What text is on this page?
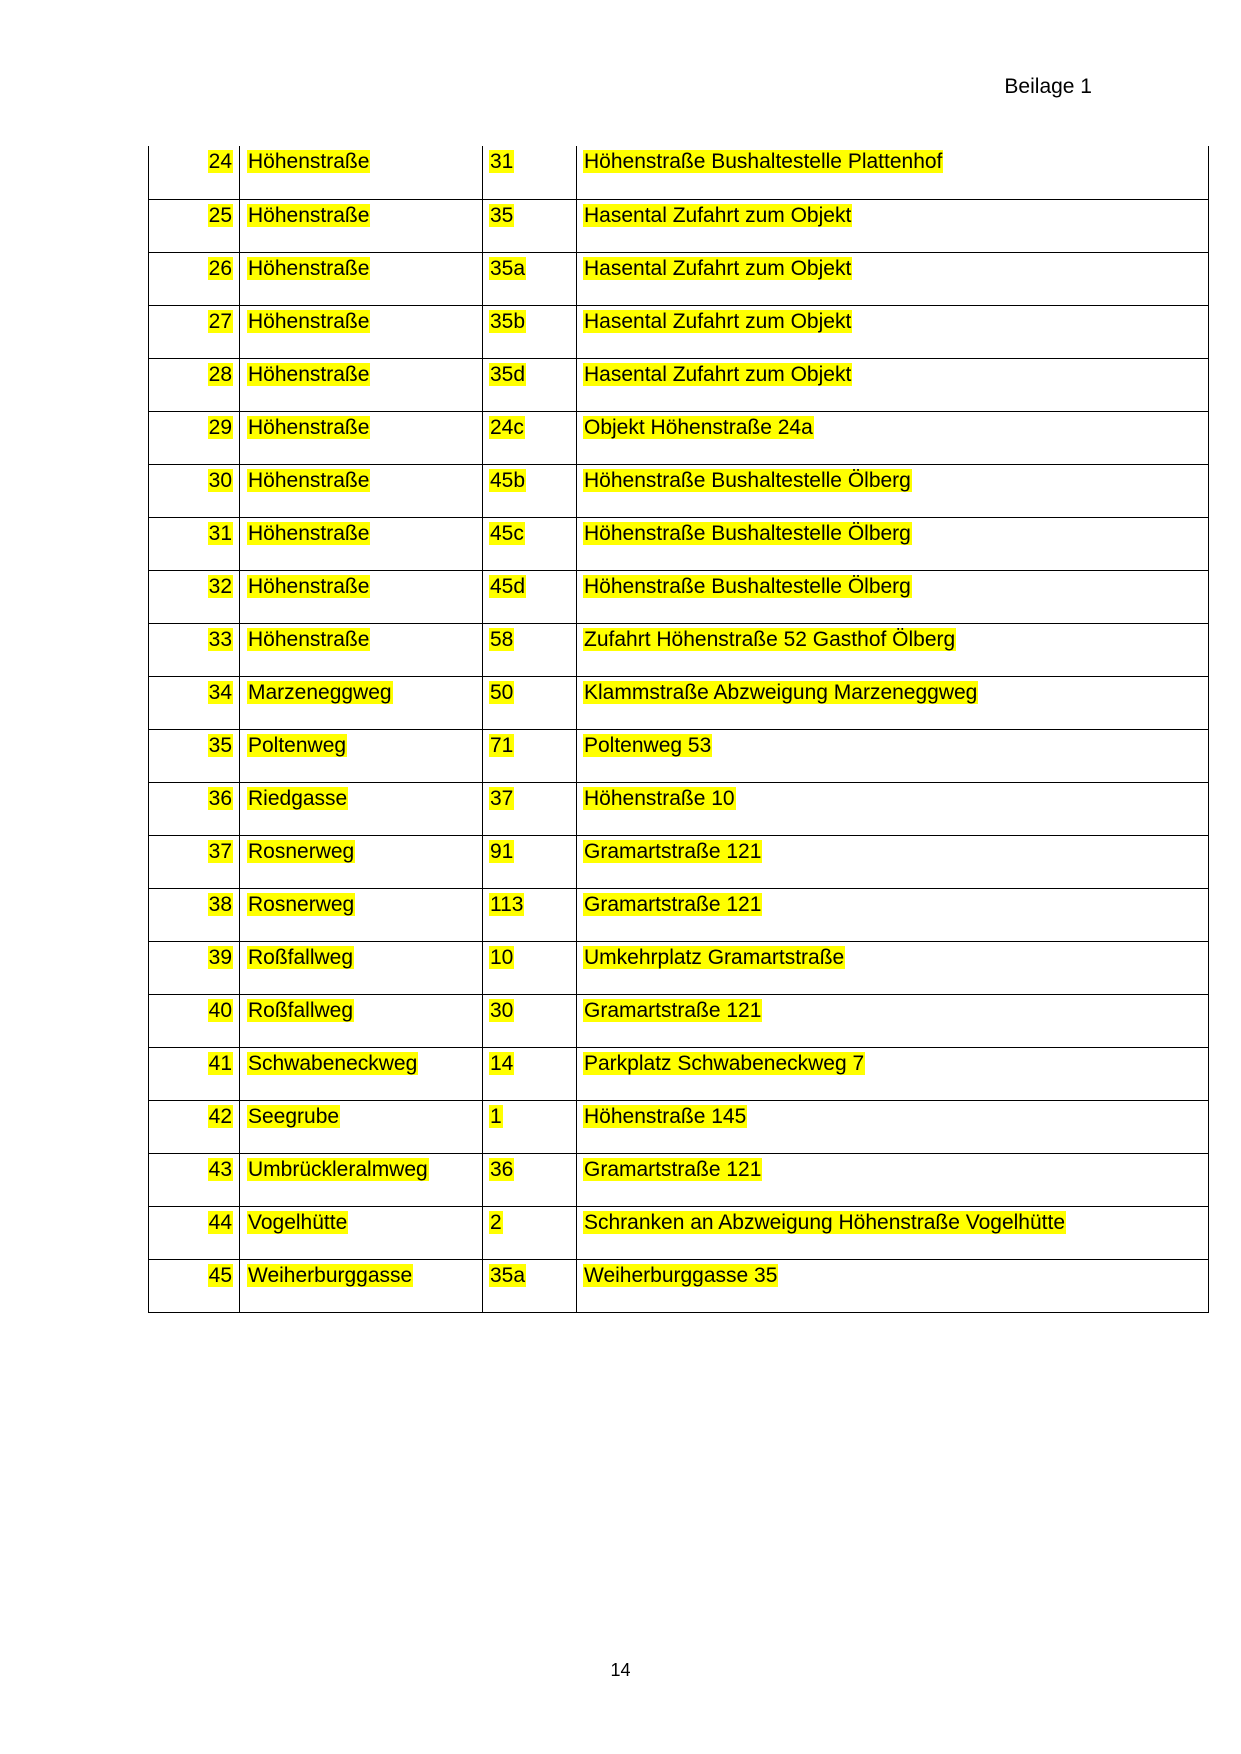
Beilage 1
24	Höhenstraße	31	Höhenstraße Bushaltestelle Plattenhof

25	Höhenstraße	35	Hasental Zufahrt zum Objekt

26	Höhenstraße	35a	Hasental Zufahrt zum Objekt

27	Höhenstraße	35b	Hasental Zufahrt zum Objekt

28	Höhenstraße	35d	Hasental Zufahrt zum Objekt

29	Höhenstraße	24c	Objekt Höhenstraße 24a

30	Höhenstraße	45b	Höhenstraße Bushaltestelle Ölberg

31	Höhenstraße	45c	Höhenstraße Bushaltestelle Ölberg

32	Höhenstraße	45d	Höhenstraße Bushaltestelle Ölberg

33	Höhenstraße	58	Zufahrt Höhenstraße 52 Gasthof Ölberg

34	Marzeneggweg	50	Klammstraße Abzweigung Marzeneggweg

35	Poltenweg	71	Poltenweg 53

36	Riedgasse	37	Höhenstraße 10

37	Rosnerweg	91	Gramartstraße 121

38	Rosnerweg	113	Gramartstraße 121

39	Roßfallweg	10	Umkehrplatz Gramartstraße

40	Roßfallweg	30	Gramartstraße 121

41	Schwabeneckweg	14	Parkplatz Schwabeneckweg 7

42	Seegrube	1	Höhenstraße 145

43	Umbrückleralmweg	36	Gramartstraße 121

44	Vogelhütte	2	Schranken an Abzweigung Höhenstraße Vogelhütte

45	Weiherburggasse	35a	Weiherburggasse 35
14
